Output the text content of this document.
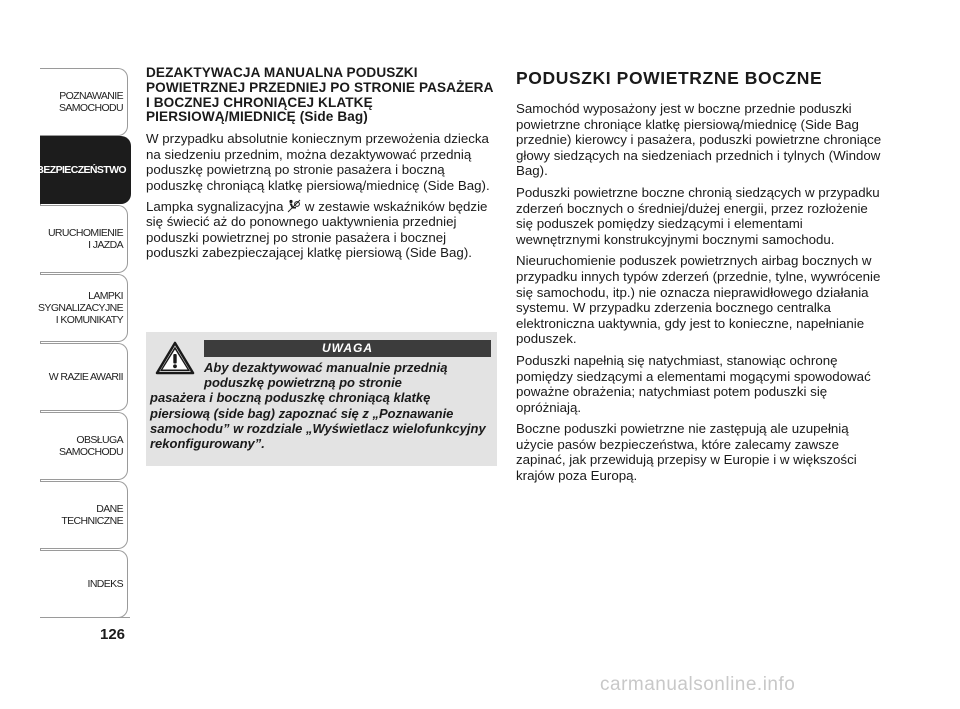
POZNAWANIE
SAMOCHODU
BEZPIECZEŃSTWO
URUCHOMIENIE
I JAZDA
LAMPKI
SYGNALIZACYJNE
I KOMUNIKATY
W RAZIE AWARII
OBSŁUGA
SAMOCHODU
DANE
TECHNICZNE
INDEKS
126

DEZAKTYWACJA MANUALNA PODUSZKI POWIETRZNEJ PRZEDNIEJ PO STRONIE PASAŻERA I BOCZNEJ CHRONIĄCEJ KLATKĘ PIERSIOWĄ/MIEDNICĘ (Side Bag)

W przypadku absolutnie koniecznym przewożenia dziecka na siedzeniu przednim, można dezaktywować przednią poduszkę powietrzną po stronie pasażera i boczną poduszkę chroniącą klatkę piersiową/miednicę (Side Bag).

Lampka sygnalizacyjna  w zestawie wskaźników będzie się świecić aż do ponownego uaktywnienia przedniej poduszki powietrznej po stronie pasażera i bocznej poduszki zabezpieczającej klatkę piersiową (Side Bag).

UWAGA
Aby dezaktywować manualnie przednią poduszkę powietrzną po stronie
pasażera i boczną poduszkę chroniącą klatkę piersiową (side bag) zapoznać się z „Poznawanie samochodu” w rozdziale „Wyświetlacz wielofunkcyjny rekonfigurowany”.
PODUSZKI POWIETRZNE BOCZNE

Samochód wyposażony jest w boczne przednie poduszki powietrzne chroniące klatkę piersiową/miednicę (Side Bag przednie) kierowcy i pasażera, poduszki powietrzne chroniące głowy siedzących na siedzeniach przednich i tylnych (Window Bag).

Poduszki powietrzne boczne chronią siedzących w przypadku zderzeń bocznych o średniej/dużej energii, przez rozłożenie się poduszek pomiędzy siedzącymi i elementami wewnętrznymi konstrukcyjnymi bocznymi samochodu.

Nieuruchomienie poduszek powietrznych airbag bocznych w przypadku innych typów zderzeń (przednie, tylne, wywrócenie się samochodu, itp.) nie oznacza nieprawidłowego działania systemu. W przypadku zderzenia bocznego centralka elektroniczna uaktywnia, gdy jest to konieczne, napełnianie poduszek.

Poduszki napełnią się natychmiast, stanowiąc ochronę pomiędzy siedzącymi a elementami mogącymi spowodować poważne obrażenia; natychmiast potem poduszki się opróżniają.

Boczne poduszki powietrzne nie zastępują ale uzupełnią użycie pasów bezpieczeństwa, które zalecamy zawsze zapinać, jak przewidują przepisy w Europie i w większości krajów poza Europą.

carmanualsonline.info
